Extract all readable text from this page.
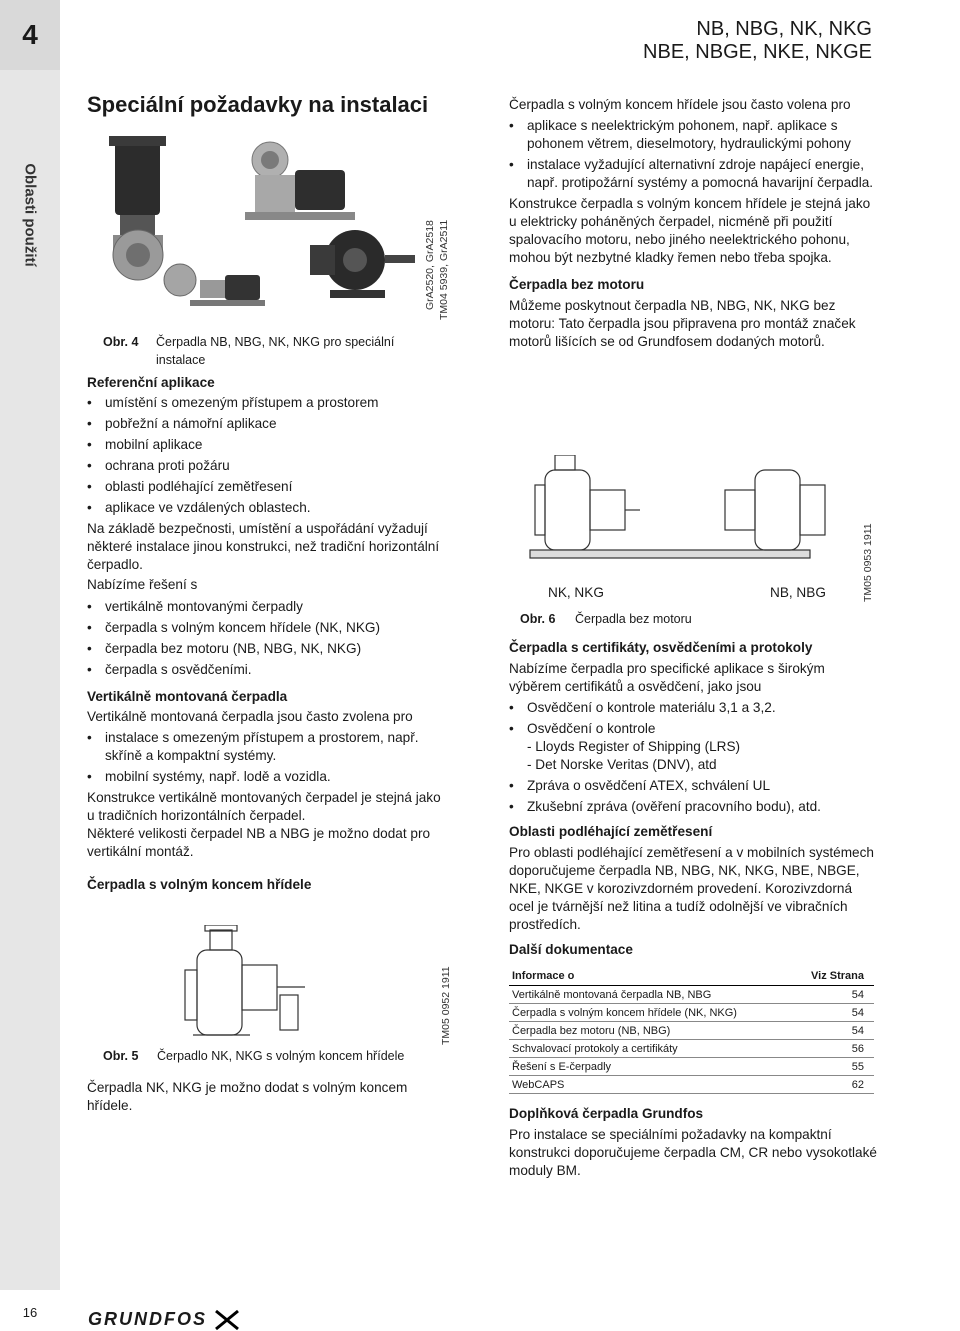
4
Oblasti použití
16
NB, NBG, NK, NKG
NBE, NBGE, NKE, NKGE
Speciální požadavky na instalaci
GrA2520, GrA2518 TM04 5939, GrA2511
Obr. 4 Čerpadla NB, NBG, NK, NKG pro speciální instalace
Referenční aplikace
• umístění s omezeným přístupem a prostorem
• pobřežní a námořní aplikace
• mobilní aplikace
• ochrana proti požáru
• oblasti podléhající zemětřesení
• aplikace ve vzdálených oblastech.

Na základě bezpečnosti, umístění a uspořádání vyžadují některé instalace jinou konstrukci, než tradiční horizontální čerpadlo.

Nabízíme řešení s

• vertikálně montovanými čerpadly
• čerpadla s volným koncem hřídele (NK, NKG)
• čerpadla bez motoru (NB, NBG, NK, NKG)
• čerpadla s osvědčeními.
Vertikálně montovaná čerpadla

Vertikálně montovaná čerpadla jsou často zvolena pro

• instalace s omezeným přístupem a prostorem, např. skříně a kompaktní systémy.
• mobilní systémy, např. lodě a vozidla.

Konstrukce vertikálně montovaných čerpadel je stejná jako u tradičních horizontálních čerpadel.

Některé velikosti čerpadel NB a NBG je možno dodat pro vertikální montáž.

Čerpadla s volným koncem hřídele
TM05 0952 1911
Obr. 5 Čerpadlo NK, NKG s volným koncem hřídele

Čerpadla NK, NKG je možno dodat s volným koncem hřídele.

Čerpadla s volným koncem hřídele jsou často volena pro

• aplikace s neelektrickým pohonem, např. aplikace s pohonem větrem, dieselmotory, hydraulickými pohony
• instalace vyžadující alternativní zdroje napájecí energie, např. protipožární systémy a pomocná havarijní čerpadla.

Konstrukce čerpadla s volným koncem hřídele je stejná jako u elektricky poháněných čerpadel, nicméně při použití spalovacího motoru, nebo jiného neelektrického pohonu, mohou být nezbytné kladky řemen nebo třeba spojka.

Čerpadla bez motoru

Můžeme poskytnout čerpadla NB, NBG, NK, NKG bez motoru: Tato čerpadla jsou připravena pro montáž značek motorů lišících se od Grundfosem dodaných motorů.

NK, NKG	NB, NBG	TM05 0953 1911
Obr. 6 Čerpadla bez motoru
Čerpadla s certifikáty, osvědčeními a protokoly

Nabízíme čerpadla pro specifické aplikace s širokým výběrem certifikátů a osvědčení, jako jsou

• Osvědčení o kontrole materiálu 3,1 a 3,2.
• Osvědčení o kontrole
- Lloyds Register of Shipping (LRS)
- Det Norske Veritas (DNV), atd
• Zpráva o osvědčení ATEX, schválení UL
• Zkušební zpráva (ověření pracovního bodu), atd.
Oblasti podléhající zemětřesení

Pro oblasti podléhající zemětřesení a v mobilních systémech doporučujeme čerpadla NB, NBG, NK, NKG, NBE, NBGE, NKE, NKGE v korozivzdorném provedení. Korozivzdorná ocel je tvárnější než litina a tudíž odolnější ve vibračních prostředích.

Další dokumentace
Informace o	Viz Strana
Vertikálně montovaná čerpadla NB, NBG	54
Čerpadla s volným koncem hřídele (NK, NKG)	54
Čerpadla bez motoru (NB, NBG)	54
Schvalovací protokoly a certifikáty	56
Řešení s E-čerpadly	55
WebCAPS	62
Doplňková čerpadla Grundfos

Pro instalace se speciálními požadavky na kompaktní konstrukci doporučujeme čerpadla CM, CR nebo vysokotlaké moduly BM.

GRUNDFOS
